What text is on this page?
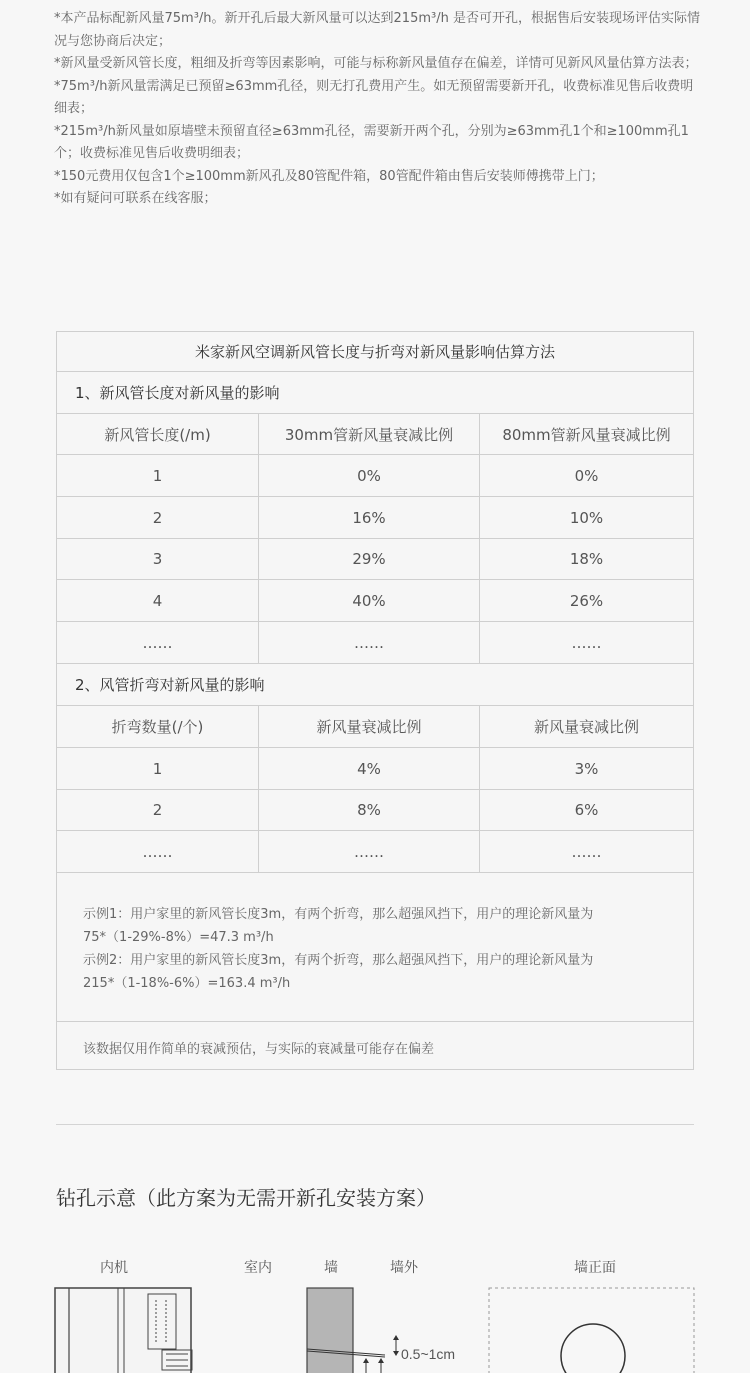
*本产品标配新风量75m³/h。新开孔后最大新风量可以达到215m³/h 是否可开孔，根据售后安装现场评估实际情况与您协商后决定；

*新风量受新风管长度，粗细及折弯等因素影响，可能与标称新风量值存在偏差，详情可见新风风量估算方法表；

*75m³/h新风量需满足已预留≥63mm孔径，则无打孔费用产生。如无预留需要新开孔，收费标准见售后收费明细表；

*215m³/h新风量如原墙壁未预留直径≥63mm孔径，需要新开两个孔，分别为≥63mm孔1个和≥100mm孔1个；收费标准见售后收费明细表；

*150元费用仅包含1个≥100mm新风孔及80管配件箱，80管配件箱由售后安装师傅携带上门；

*如有疑问可联系在线客服；

米家新风空调新风管长度与折弯对新风量影响估算方法
1、新风管长度对新风量的影响
新风管长度(/m)	30mm管新风量衰减比例	80mm管新风量衰减比例
1	0%	0%
2	16%	10%
3	29%	18%
4	40%	26%
……	……	……
2、风管折弯对新风量的影响
折弯数量(/个)	新风量衰减比例	新风量衰减比例
1	4%	3%
2	8%	6%
……	……	……

示例1：用户家里的新风管长度3m，有两个折弯，那么超强风挡下，用户的理论新风量为

75*（1-29%-8%）=47.3 m³/h

示例2：用户家里的新风管长度3m，有两个折弯，那么超强风挡下，用户的理论新风量为

215*（1-18%-6%）=163.4 m³/h

该数据仅用作简单的衰减预估，与实际的衰减量可能存在偏差
钻孔示意（此方案为无需开新孔安装方案）
内机	室内	墙	墙外	墙正面
0.5~1cm
